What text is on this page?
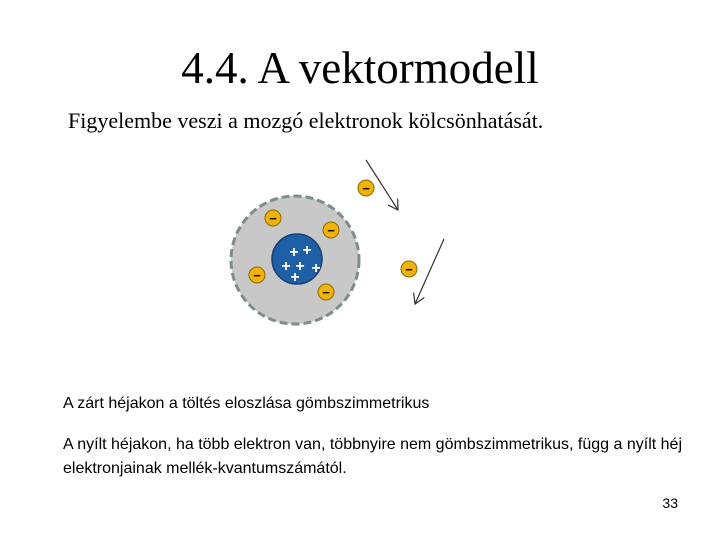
4.4. A vektormodell
Figyelembe veszi a mozgó elektronok kölcsönhatását.
+ +
+ + +
+
−
−
−
−
−
−
A zárt héjakon a töltés eloszlása gömbszimmetrikus
A nyílt héjakon, ha több elektron van, többnyire nem gömbszimmetrikus, függ a nyílt héj elektronjainak mellék-kvantumszámától.
33
